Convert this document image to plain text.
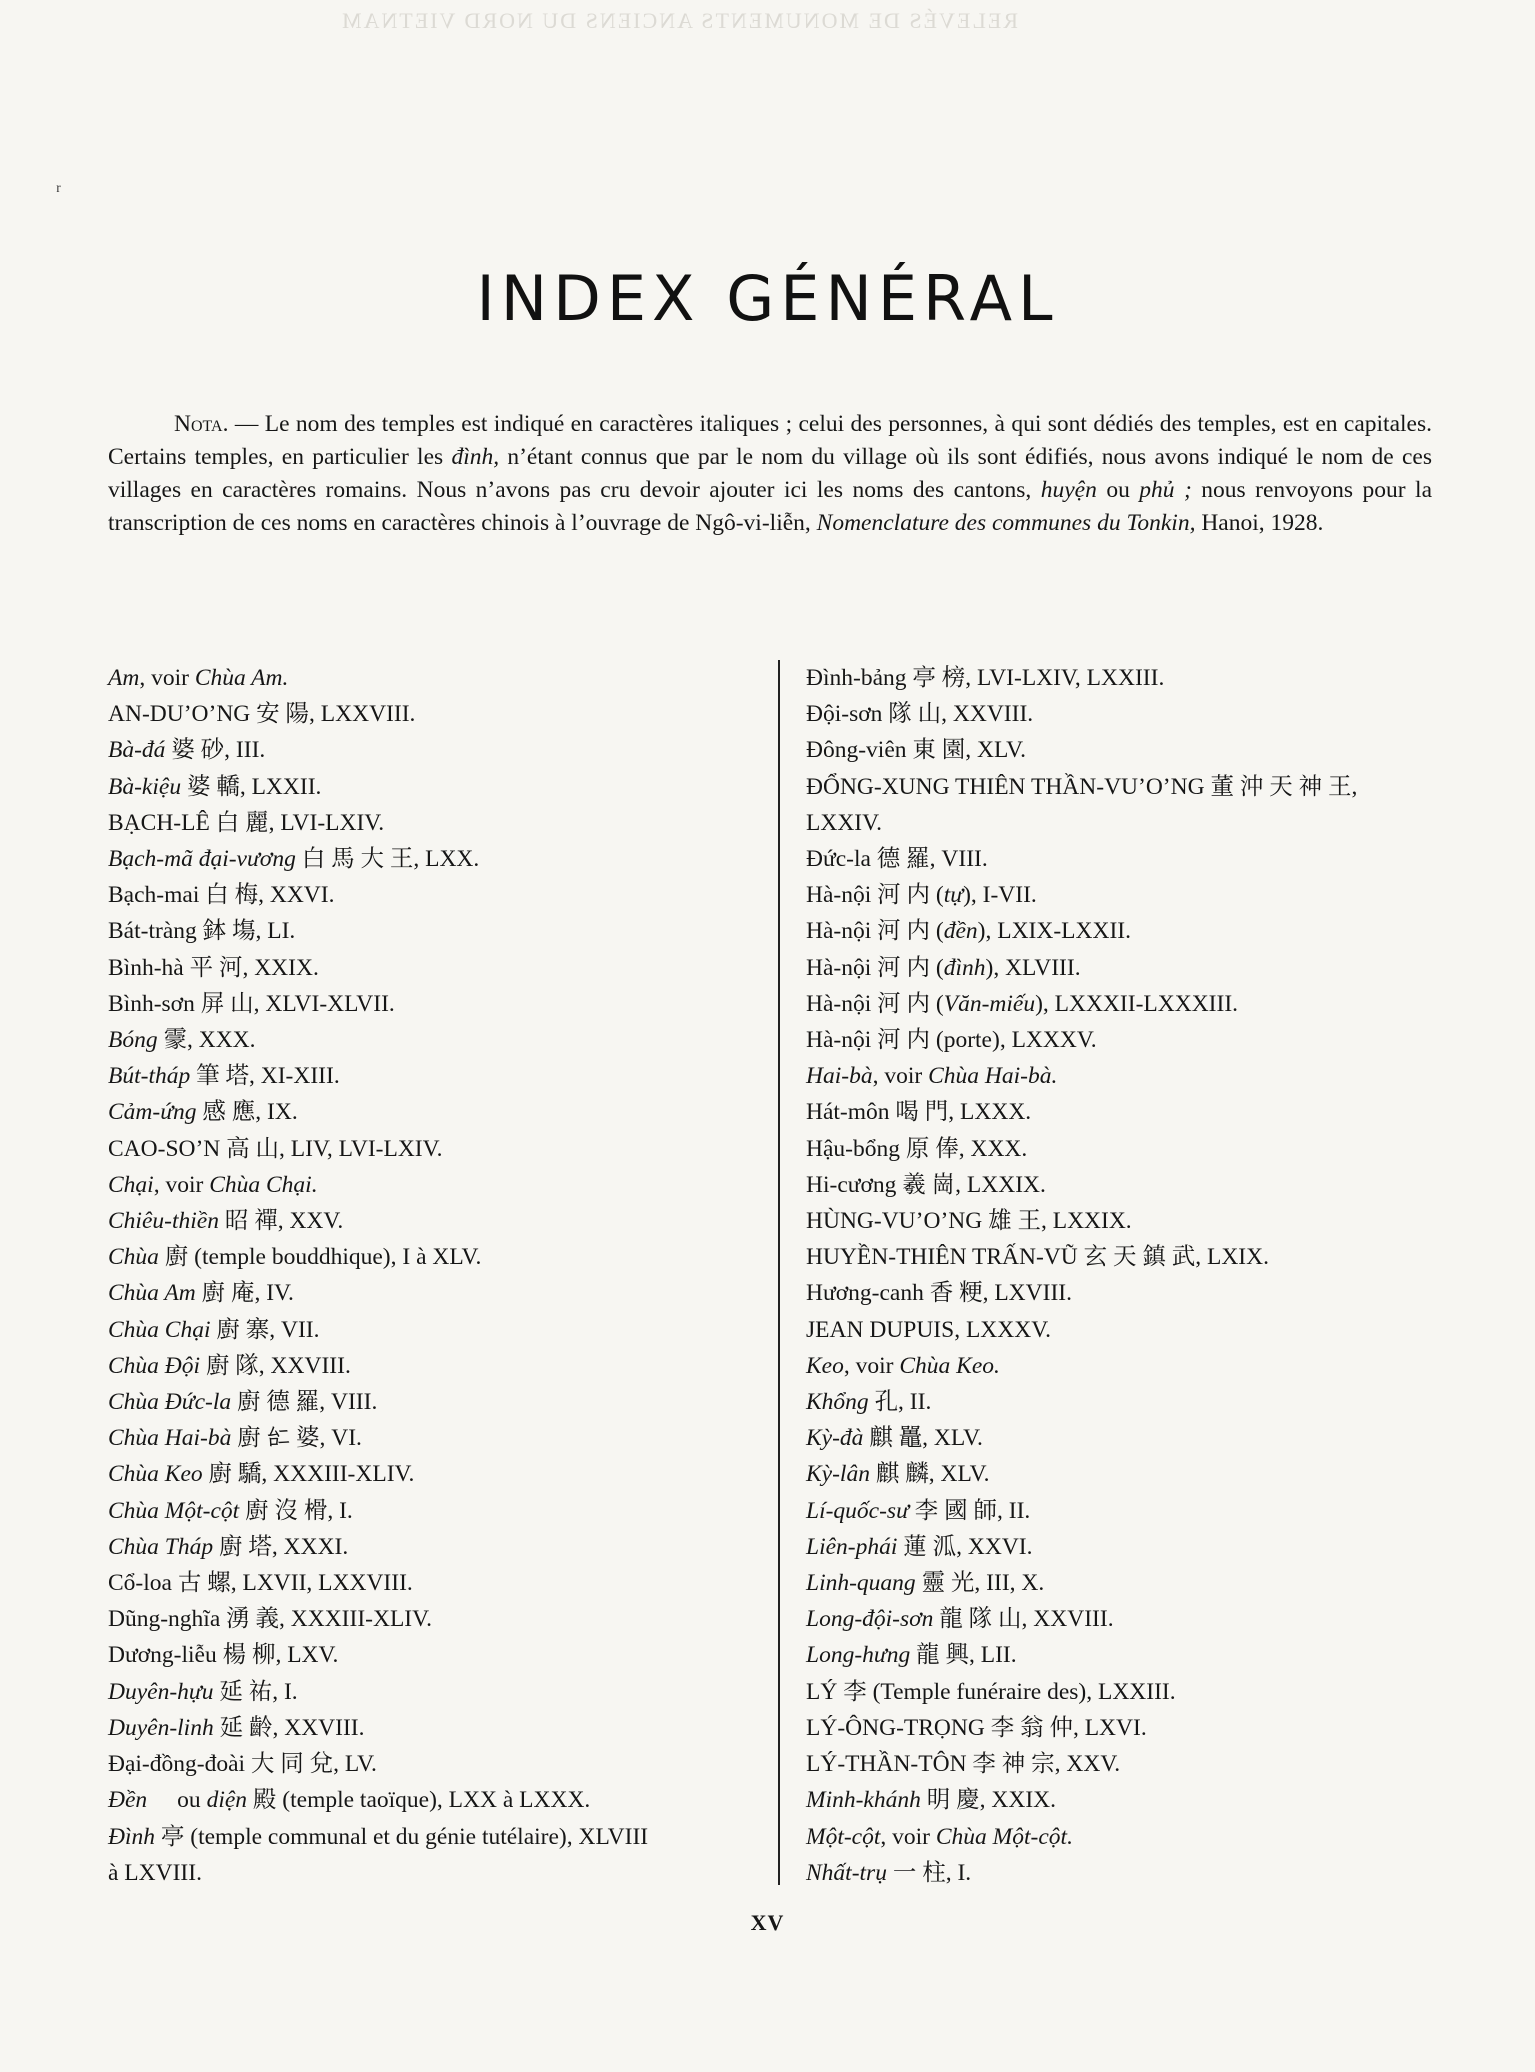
RELEVÉS DE MONUMENTS ANCIENS DU NORD VIETNAM
ʳ
INDEX GÉNÉRAL

Nota. — Le nom des temples est indiqué en caractères italiques ; celui des personnes, à qui sont dédiés des temples, est en capitales. Certains temples, en particulier les đình, n’étant connus que par le nom du village où ils sont édifiés, nous avons indiqué le nom de ces villages en caractères romains. Nous n’avons pas cru devoir ajouter ici les noms des cantons, huyện ou phủ ; nous renvoyons pour la transcription de ces noms en caractères chinois à l’ouvrage de Ngô-vi-liễn, Nomenclature des communes du Tonkin, Hanoi, 1928.

Am, voir Chùa Am.
AN-DU’O’NG 安 陽, LXXVIII.
Bà-đá 婆 砂, III.
Bà-kiệu 婆 轎, LXXII.
BẠCH-LÊ 白 麗, LVI-LXIV.
Bạch-mã đại-vương 白 馬 大 王, LXX.
Bạch-mai 白 梅, XXVI.
Bát-tràng 鉢 塲, LI.
Bình-hà 平 河, XXIX.
Bình-sơn 屏 山, XLVI-XLVII.
Bóng 霥, XXX.
Bút-tháp 筆 塔, XI-XIII.
Cảm-ứng 感 應, IX.
CAO-SO’N 高 山, LIV, LVI-LXIV.
Chại, voir Chùa Chại.
Chiêu-thiền 昭 禪, XXV.
Chùa 廚 (temple bouddhique), I à XLV.
Chùa Am 廚 庵, IV.
Chùa Chại 廚 寨, VII.
Chùa Đội 廚 隊, XXVIII.
Chùa Đức-la 廚 德 羅, VIII.
Chùa Hai-bà 廚 𠄩 婆, VI.
Chùa Keo 廚 驕, XXXIII-XLIV.
Chùa Một-cột 廚 沒 榾, I.
Chùa Tháp 廚 塔, XXXI.
Cổ-loa 古 螺, LXVII, LXXVIII.
Dũng-nghĩa 湧 義, XXXIII-XLIV.
Dương-liễu 楊 柳, LXV.
Duyên-hựu 延 祐, I.
Duyên-linh 延 齡, XXVIII.
Đại-đồng-đoài 大 同 兌, LV.
Đền 𡊱 ou diện 殿 (temple taoïque), LXX à LXXX.
Đình 亭 (temple communal et du génie tutélaire), XLVIII
à LXVIII.
Đình-bảng 亭 榜, LVI-LXIV, LXXIII.
Đội-sơn 隊 山, XXVIII.
Đông-viên 東 園, XLV.
ĐỔNG-XUNG THIÊN THẦN-VU’O’NG 董 沖 天 神 王,
LXXIV.
Đức-la 德 羅, VIII.
Hà-nội 河 内 (tự), I-VII.
Hà-nội 河 内 (đền), LXIX-LXXII.
Hà-nội 河 内 (đình), XLVIII.
Hà-nội 河 内 (Văn-miếu), LXXXII-LXXXIII.
Hà-nội 河 内 (porte), LXXXV.
Hai-bà, voir Chùa Hai-bà.
Hát-môn 喝 門, LXXX.
Hậu-bổng 原 俸, XXX.
Hi-cương 羲 崗, LXXIX.
HÙNG-VU’O’NG 雄 王, LXXIX.
HUYỀN-THIÊN TRẤN-VŨ 玄 天 鎮 武, LXIX.
Hương-canh 香 粳, LXVIII.
JEAN DUPUIS, LXXXV.
Keo, voir Chùa Keo.
Khổng 孔, II.
Kỳ-đà 麒 鼉, XLV.
Kỳ-lân 麒 麟, XLV.
Lí-quốc-sư 李 國 師, II.
Liên-phái 蓮 泒, XXVI.
Linh-quang 靈 光, III, X.
Long-đội-sơn 龍 隊 山, XXVIII.
Long-hưng 龍 興, LII.
LÝ 李 (Temple funéraire des), LXXIII.
LÝ-ÔNG-TRỌNG 李 翁 仲, LXVI.
LÝ-THẦN-TÔN 李 神 宗, XXV.
Minh-khánh 明 慶, XXIX.
Một-cột, voir Chùa Một-cột.
Nhất-trụ 一 柱, I.
XV
